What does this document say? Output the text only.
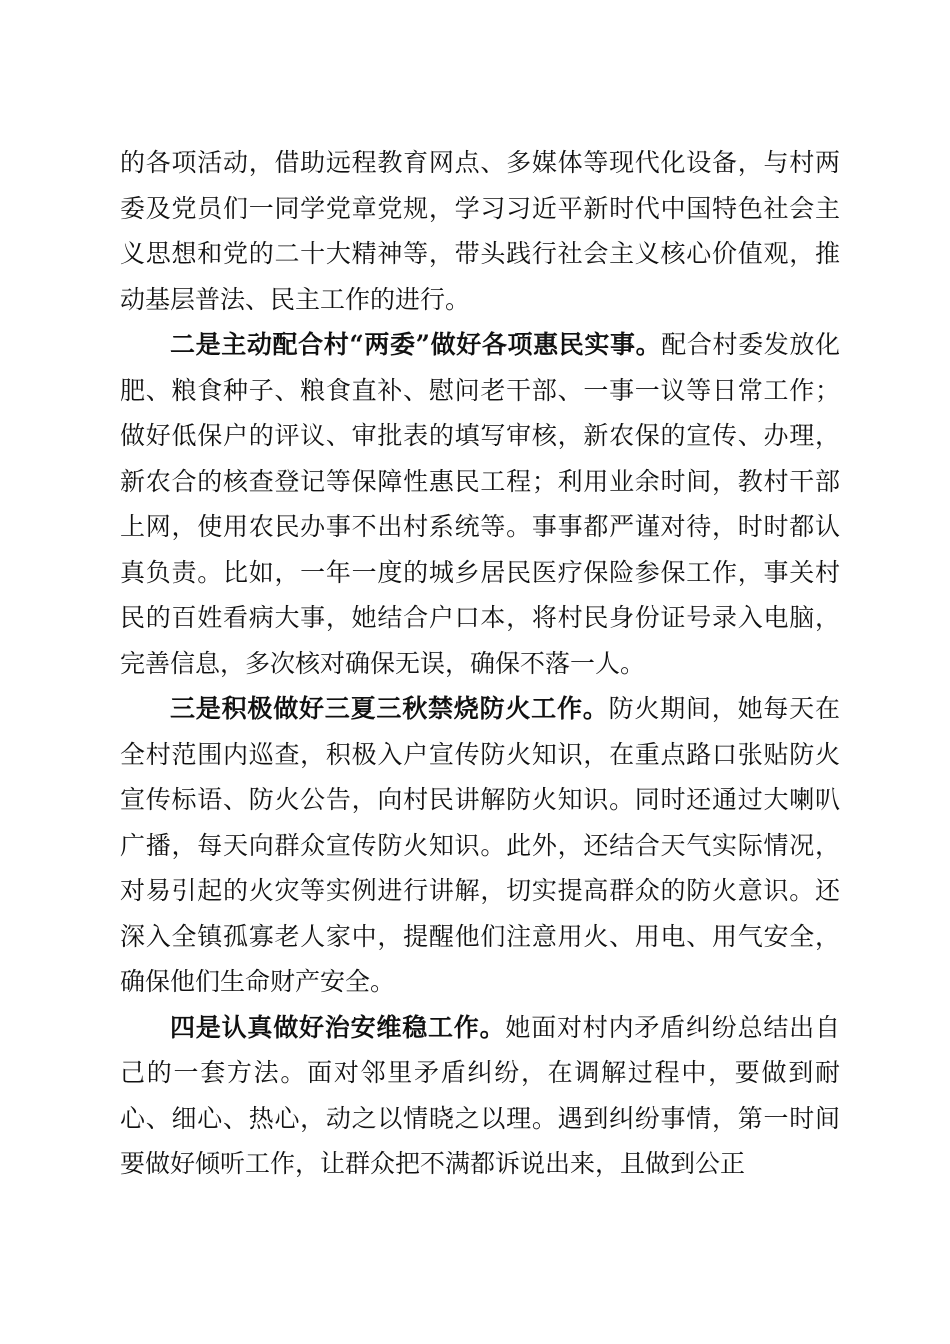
的各项活动，借助远程教育网点、多媒体等现代化设备，与村两委及党员们一同学党章党规，学习习近平新时代中国特色社会主义思想和党的二十大精神等，带头践行社会主义核心价值观，推动基层普法、民主工作的进行。

二是主动配合村“两委”做好各项惠民实事。配合村委发放化肥、粮食种子、粮食直补、慰问老干部、一事一议等日常工作；做好低保户的评议、审批表的填写审核，新农保的宣传、办理，新农合的核查登记等保障性惠民工程；利用业余时间，教村干部上网，使用农民办事不出村系统等。事事都严谨对待，时时都认真负责。比如，一年一度的城乡居民医疗保险参保工作，事关村民的百姓看病大事，她结合户口本，将村民身份证号录入电脑，完善信息，多次核对确保无误，确保不落一人。

三是积极做好三夏三秋禁烧防火工作。防火期间，她每天在全村范围内巡查，积极入户宣传防火知识，在重点路口张贴防火宣传标语、防火公告，向村民讲解防火知识。同时还通过大喇叭广播，每天向群众宣传防火知识。此外，还结合天气实际情况，对易引起的火灾等实例进行讲解，切实提高群众的防火意识。还深入全镇孤寡老人家中，提醒他们注意用火、用电、用气安全，确保他们生命财产安全。

四是认真做好治安维稳工作。她面对村内矛盾纠纷总结出自己的一套方法。面对邻里矛盾纠纷，在调解过程中，要做到耐心、细心、热心，动之以情晓之以理。遇到纠纷事情，第一时间要做好倾听工作，让群众把不满都诉说出来，且做到公正
